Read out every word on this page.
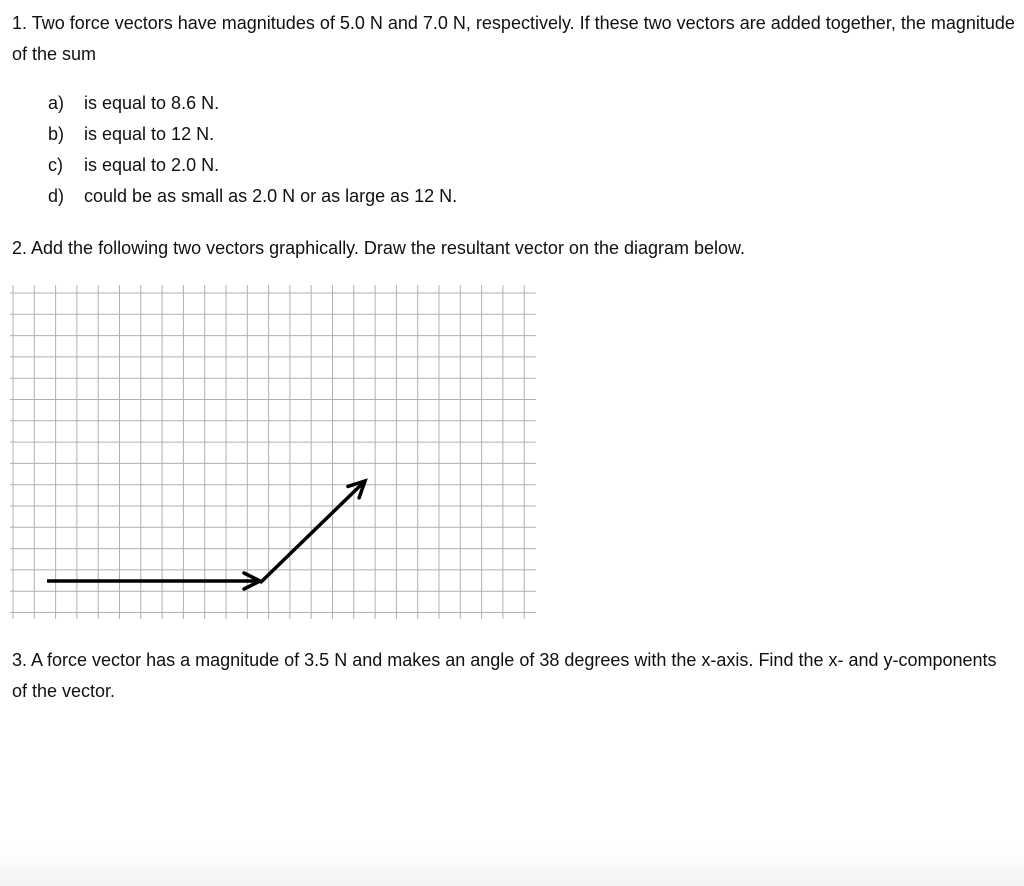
1. Two force vectors have magnitudes of 5.0 N and 7.0 N, respectively. If these two vectors are added together, the magnitude of the sum

a)	is equal to 8.6 N.
b)	is equal to 12 N.
c)	is equal to 2.0 N.
d)	could be as small as 2.0 N or as large as 12 N.

2. Add the following two vectors graphically. Draw the resultant vector on the diagram below.

3. A force vector has a magnitude of 3.5 N and makes an angle of 38 degrees with the x-axis. Find the x- and y-components of the vector.
